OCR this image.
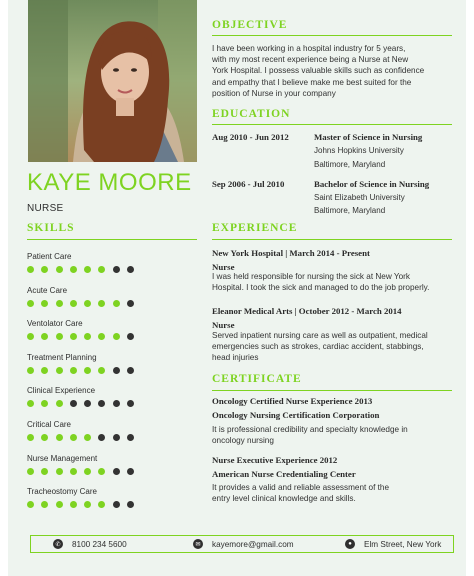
KAYE MOORE
NURSE
SKILLS
Patient Care
Acute Care
Ventolator Care
Treatment Planning
Clinical Experience
Critical Care
Nurse Management
Tracheostomy Care
OBJECTIVE
I have been working in a hospital industry for 5 years,
with my most recent experience being a Nurse at New
York Hospital. I possess valuable skills such as confidence
and empathy that I believe make me best suited for the
position of Nurse in your company
EDUCATION
Aug 2010 - Jun 2012	Master of Science in Nursing
Johns Hopkins University
Baltimore, Maryland
Sep 2006 - Jul 2010	Bachelor of Science in Nursing
Saint Elizabeth University
Baltimore, Maryland
EXPERIENCE
New York Hospital | March 2014 - Present
Nurse
I was held responsible for nursing the sick at New York
Hospital. I took the sick and managed to do the job properly.
Eleanor Medical Arts | October 2012 - March 2014
Nurse
Served inpatient nursing care as well as outpatient, medical
emergencies such as strokes, cardiac accident, stabbings,
head injuries
CERTIFICATE
Oncology Certified Nurse Experience 2013
Oncology Nursing Certification Corporation
It is professional credibility and specialty knowledge in
oncology nursing
Nurse Executive Experience 2012
American Nurse Credentialing Center
It provides a valid and reliable assessment of the
entry level clinical knowledge and skills.
✆	8100 234 5600	✉	kayemore@gmail.com	●	Elm Street, New York
